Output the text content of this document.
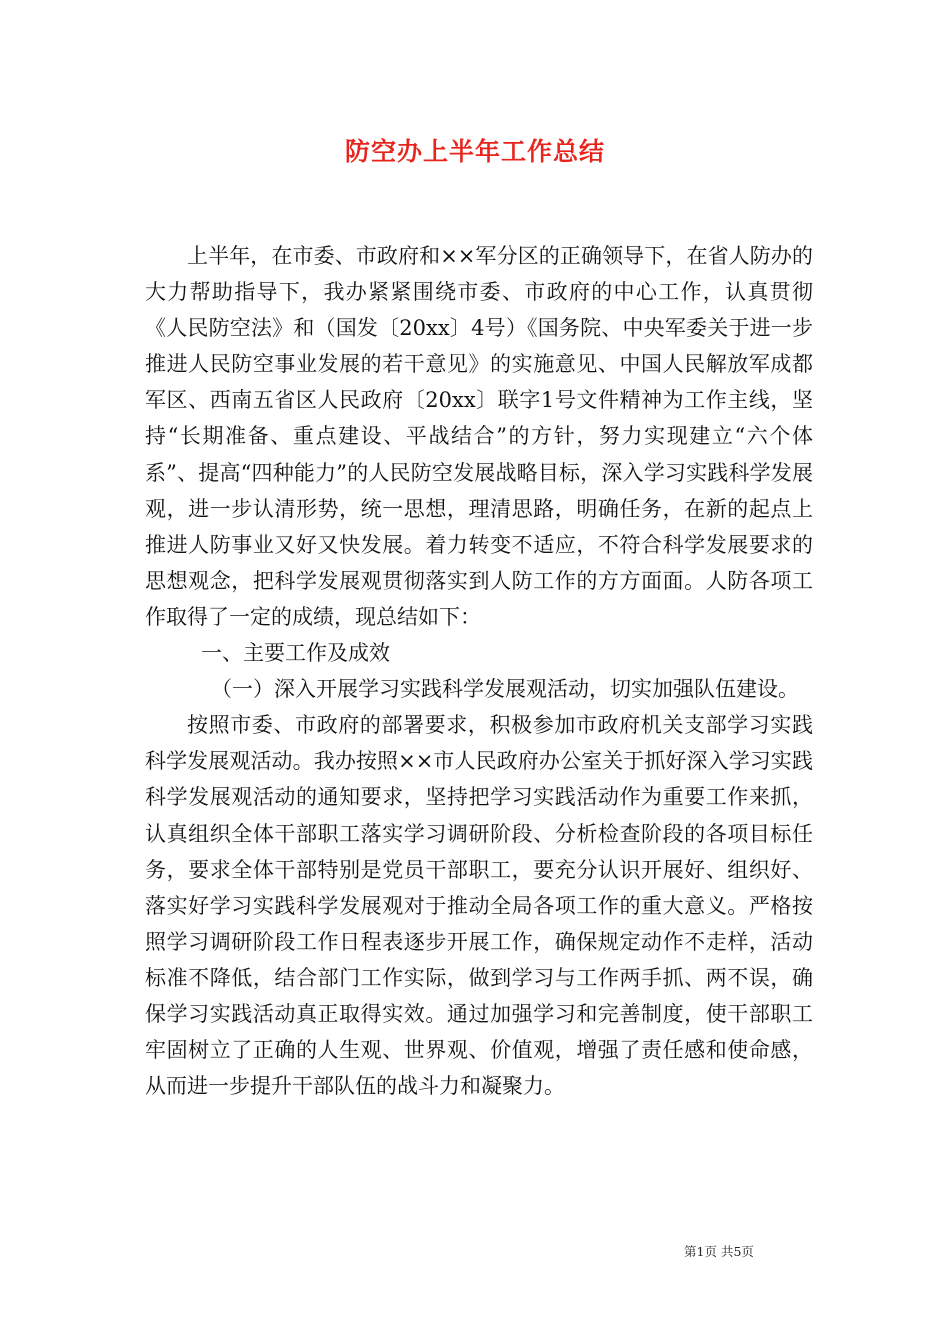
防空办上半年工作总结

上半年，在市委、市政府和××军分区的正确领导下，在省人防办的大力帮助指导下，我办紧紧围绕市委、市政府的中心工作，认真贯彻《人民防空法》和（国发〔20xx〕4号）《国务院、中央军委关于进一步推进人民防空事业发展的若干意见》的实施意见、中国人民解放军成都军区、西南五省区人民政府〔20xx〕联字1号文件精神为工作主线，坚持“长期准备、重点建设、平战结合”的方针，努力实现建立“六个体系”、提高“四种能力”的人民防空发展战略目标，深入学习实践科学发展观，进一步认清形势，统一思想，理清思路，明确任务，在新的起点上推进人防事业又好又快发展。着力转变不适应，不符合科学发展要求的思想观念，把科学发展观贯彻落实到人防工作的方方面面。人防各项工作取得了一定的成绩，现总结如下：

一、主要工作及成效

（一）深入开展学习实践科学发展观活动，切实加强队伍建设。

按照市委、市政府的部署要求，积极参加市政府机关支部学习实践科学发展观活动。我办按照××市人民政府办公室关于抓好深入学习实践科学发展观活动的通知要求，坚持把学习实践活动作为重要工作来抓，认真组织全体干部职工落实学习调研阶段、分析检查阶段的各项目标任务，要求全体干部特别是党员干部职工，要充分认识开展好、组织好、落实好学习实践科学发展观对于推动全局各项工作的重大意义。严格按照学习调研阶段工作日程表逐步开展工作，确保规定动作不走样，活动标准不降低，结合部门工作实际，做到学习与工作两手抓、两不误，确保学习实践活动真正取得实效。通过加强学习和完善制度，使干部职工牢固树立了正确的人生观、世界观、价值观，增强了责任感和使命感，从而进一步提升干部队伍的战斗力和凝聚力。

第1页 共5页
